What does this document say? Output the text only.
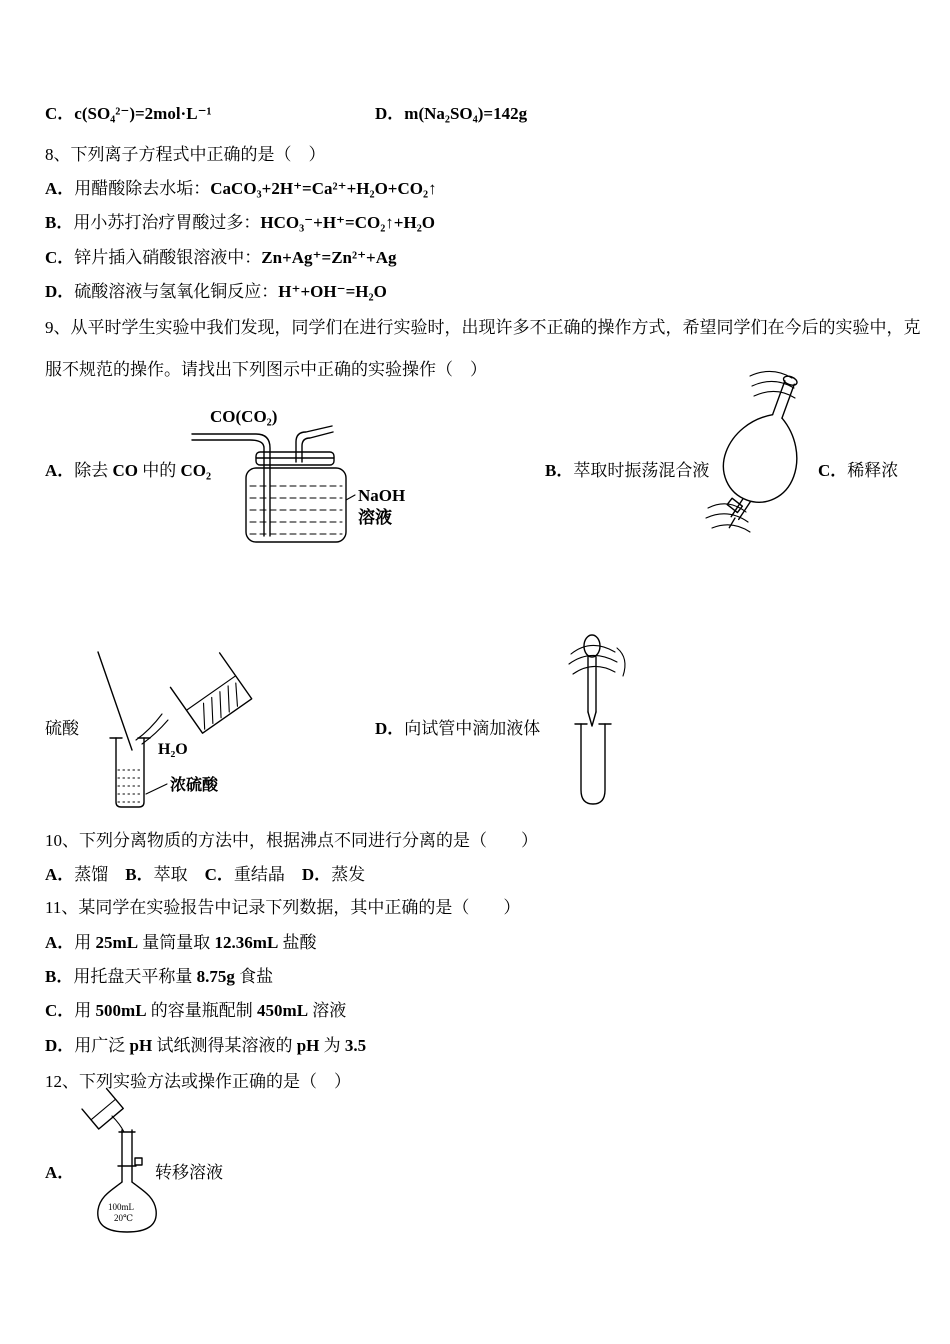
C．c(SO₄²⁻)=2mol·L⁻¹	D．m(Na₂SO₄)=142g
8、下列离子方程式中正确的是（　）
A．用醋酸除去水垢：CaCO₃+2H⁺=Ca²⁺+H₂O+CO₂↑
B．用小苏打治疗胃酸过多：HCO₃⁻+H⁺=CO₂↑+H₂O
C．锌片插入硝酸银溶液中：Zn+Ag⁺=Zn²⁺+Ag
D．硫酸溶液与氢氧化铜反应：H⁺+OH⁻=H₂O
9、从平时学生实验中我们发现，同学们在进行实验时，出现许多不正确的操作方式，希望同学们在今后的实验中，克
服不规范的操作。请找出下列图示中正确的实验操作（　）
CO(CO₂)
NaOH
溶液
A．除去 CO 中的 CO₂	B．萃取时振荡混合液	C．稀释浓
硫酸
H₂O
浓硫酸
D．向试管中滴加液体
10、下列分离物质的方法中，根据沸点不同进行分离的是（　　）
A．蒸馏　B．萃取　C．重结晶　D．蒸发
11、某同学在实验报告中记录下列数据，其中正确的是（　　）
A．用 25mL 量筒量取 12.36mL 盐酸
B．用托盘天平称量 8.75g 食盐
C．用 500mL 的容量瓶配制 450mL 溶液
D．用广泛 pH 试纸测得某溶液的 pH 为 3.5
12、下列实验方法或操作正确的是（　）
100mL
20℃
A．	转移溶液
